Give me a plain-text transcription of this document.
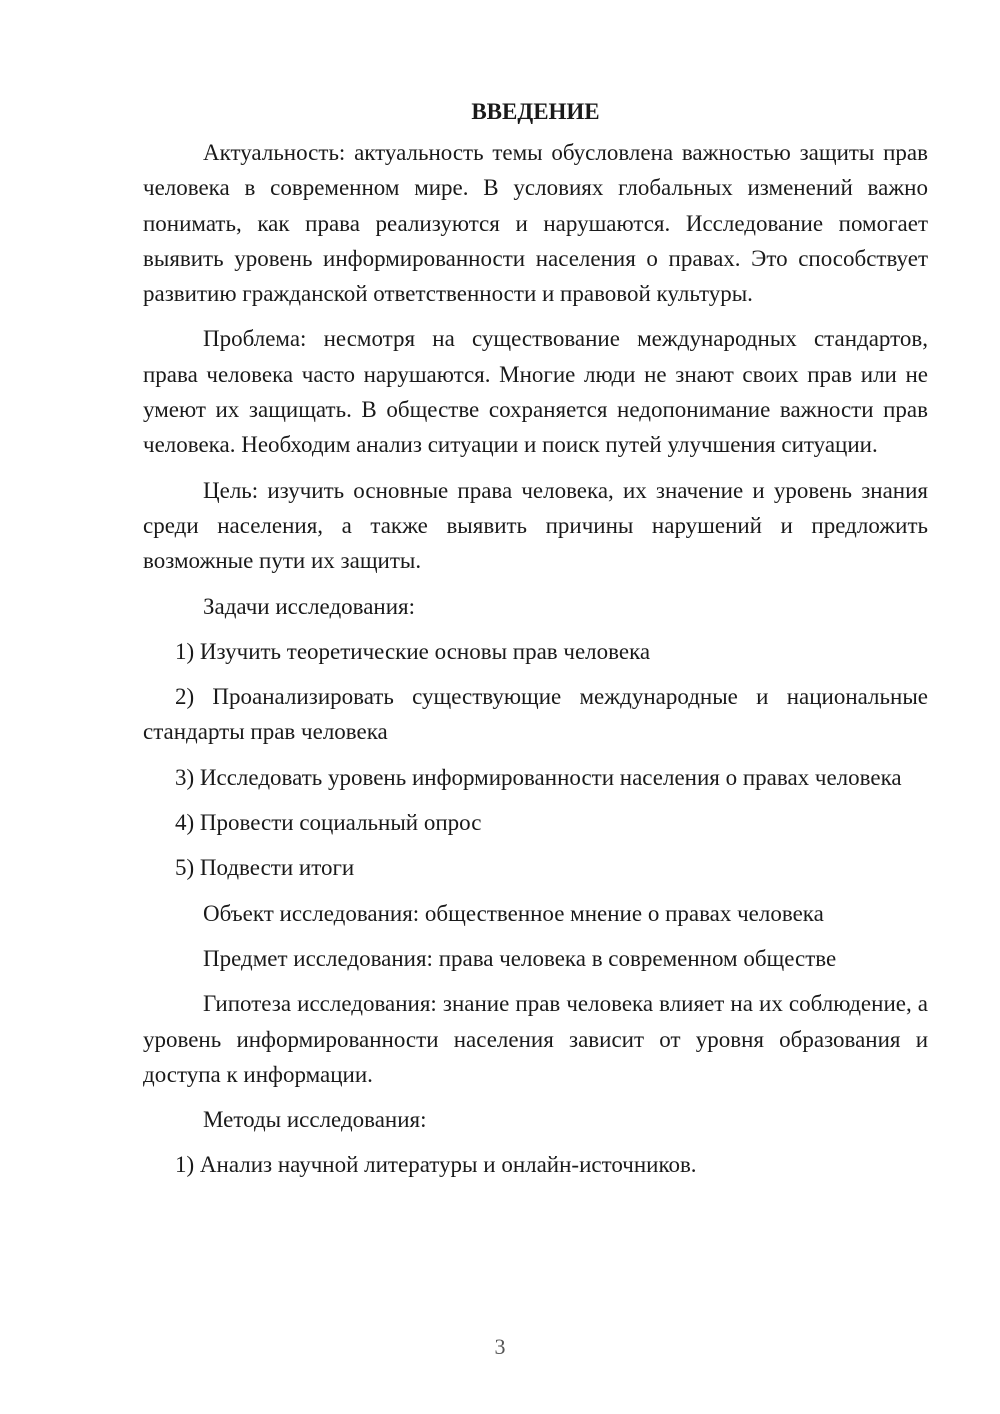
ВВЕДЕНИЕ

Актуальность: актуальность темы обусловлена важностью защиты прав человека в современном мире. В условиях глобальных изменений важно понимать, как права реализуются и нарушаются. Исследование помогает выявить уровень информированности населения о правах. Это способствует развитию гражданской ответственности и правовой культуры.

Проблема: несмотря на существование международных стандартов, права человека часто нарушаются. Многие люди не знают своих прав или не умеют их защищать. В обществе сохраняется недопонимание важности прав человека. Необходим анализ ситуации и поиск путей улучшения ситуации.

Цель: изучить основные права человека, их значение и уровень знания среди населения, а также выявить причины нарушений и предложить возможные пути их защиты.

Задачи исследования:

1) Изучить теоретические основы прав человека

2) Проанализировать существующие международные и национальные стандарты прав человека

3) Исследовать уровень информированности населения о правах человека

4) Провести социальный опрос

5) Подвести итоги

Объект исследования: общественное мнение о правах человека

Предмет исследования: права человека в современном обществе

Гипотеза исследования: знание прав человека влияет на их соблюдение, а уровень информированности населения зависит от уровня образования и доступа к информации.

Методы исследования:

1) Анализ научной литературы и онлайн-источников.

3
